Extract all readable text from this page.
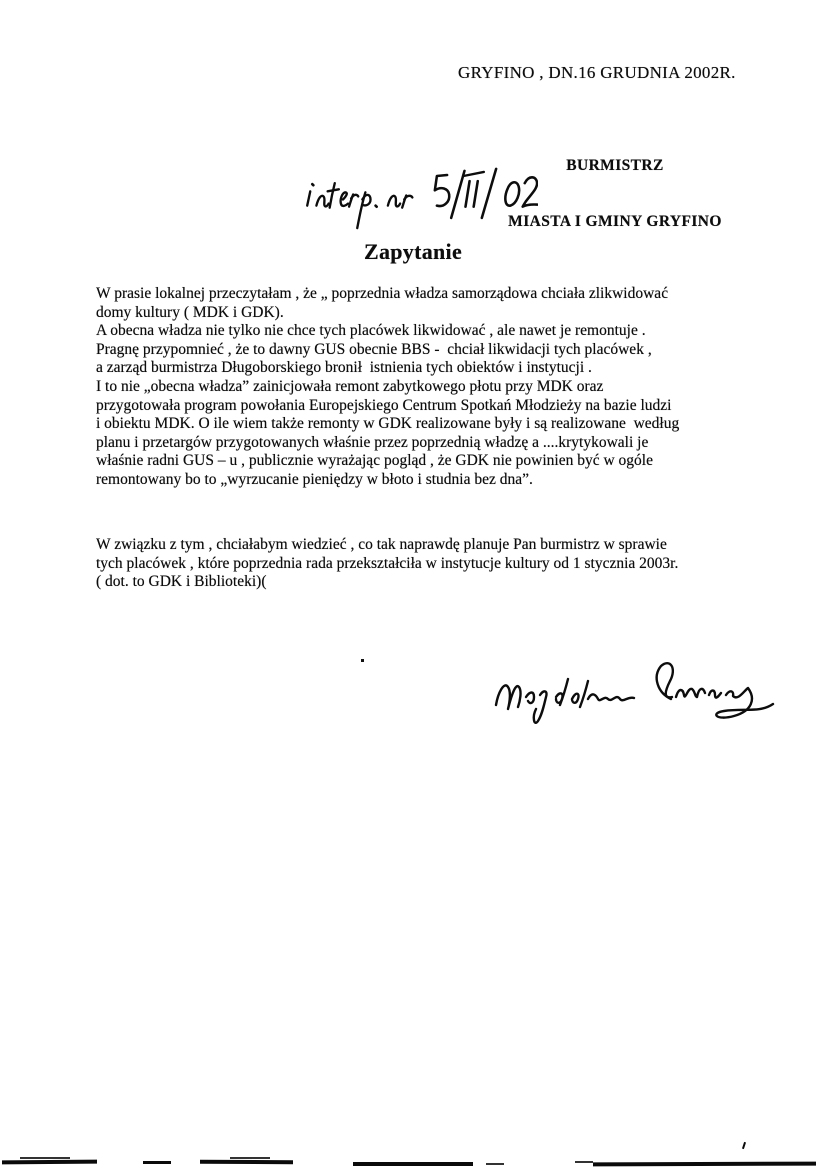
GRYFINO , DN.16 GRUDNIA 2002R.

BURMISTRZ

MIASTA I GMINY GRYFINO

Zapytanie
W prasie lokalnej przeczytałam , że „ poprzednia władza samorządowa chciała zlikwidować
domy kultury ( MDK i GDK).
A obecna władza nie tylko nie chce tych placówek likwidować , ale nawet je remontuje .
Pragnę przypomnieć , że to dawny GUS obecnie BBS -  chciał likwidacji tych placówek ,
a zarząd burmistrza Długoborskiego bronił  istnienia tych obiektów i instytucji .
I to nie „obecna władza” zainicjowała remont zabytkowego płotu przy MDK oraz
przygotowała program powołania Europejskiego Centrum Spotkań Młodzieży na bazie ludzi
i obiektu MDK. O ile wiem także remonty w GDK realizowane były i są realizowane  według
planu i przetargów przygotowanych właśnie przez poprzednią władzę a ....krytykowali je
właśnie radni GUS – u , publicznie wyrażając pogląd , że GDK nie powinien być w ogóle
remontowany bo to „wyrzucanie pieniędzy w błoto i studnia bez dna”.
W związku z tym , chciałabym wiedzieć , co tak naprawdę planuje Pan burmistrz w sprawie
tych placówek , które poprzednia rada przekształciła w instytucje kultury od 1 stycznia 2003r.
( dot. to GDK i Biblioteki)(
